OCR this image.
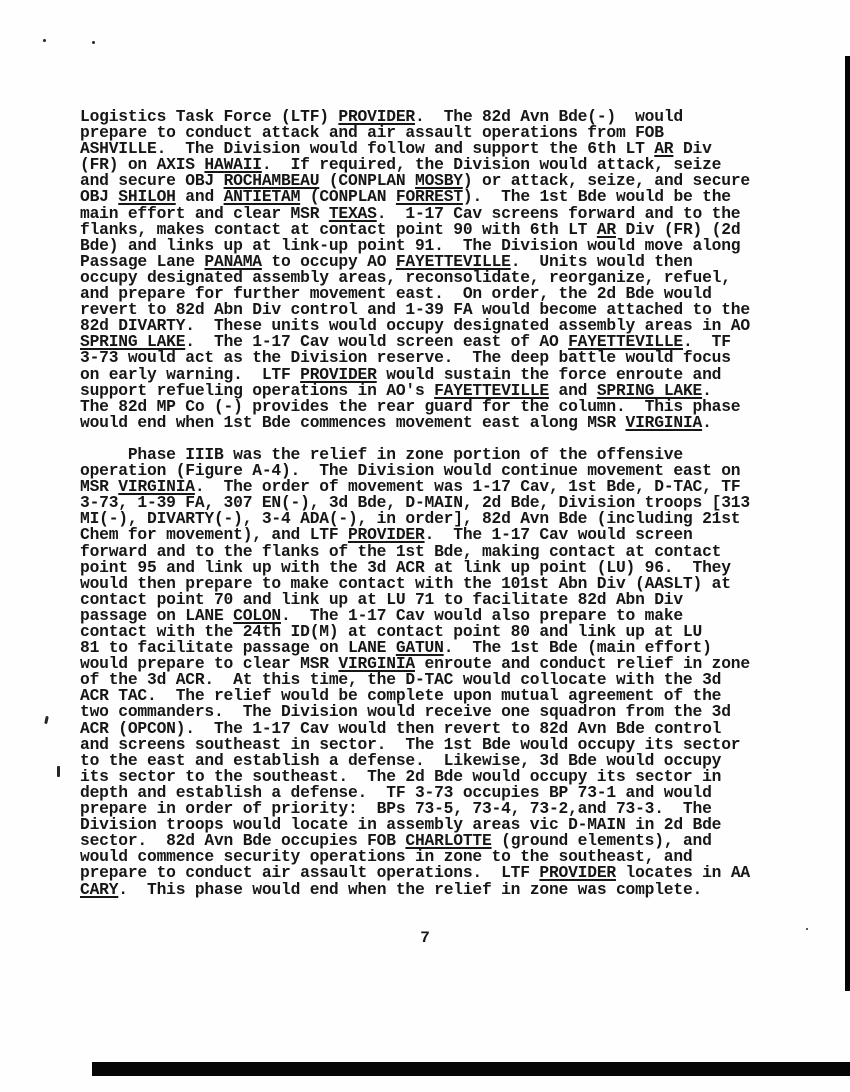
Logistics Task Force (LTF) PROVIDER.  The 82d Avn Bde(-)  would
prepare to conduct attack and air assault operations from FOB
ASHVILLE.  The Division would follow and support the 6th LT AR Div
(FR) on AXIS HAWAII.  If required, the Division would attack, seize
and secure OBJ ROCHAMBEAU (CONPLAN MOSBY) or attack, seize, and secure
OBJ SHILOH and ANTIETAM (CONPLAN FORREST).  The 1st Bde would be the
main effort and clear MSR TEXAS.  1-17 Cav screens forward and to the
flanks, makes contact at contact point 90 with 6th LT AR Div (FR) (2d
Bde) and links up at link-up point 91.  The Division would move along
Passage Lane PANAMA to occupy AO FAYETTEVILLE.  Units would then
occupy designated assembly areas, reconsolidate, reorganize, refuel,
and prepare for further movement east.  On order, the 2d Bde would
revert to 82d Abn Div control and 1-39 FA would become attached to the
82d DIVARTY.  These units would occupy designated assembly areas in AO
SPRING LAKE.  The 1-17 Cav would screen east of AO FAYETTEVILLE.  TF
3-73 would act as the Division reserve.  The deep battle would focus
on early warning.  LTF PROVIDER would sustain the force enroute and
support refueling operations in AO's FAYETTEVILLE and SPRING LAKE.
The 82d MP Co (-) provides the rear guard for the column.  This phase
would end when 1st Bde commences movement east along MSR VIRGINIA.

Phase IIIB was the relief in zone portion of the offensive
operation (Figure A-4).  The Division would continue movement east on
MSR VIRGINIA.  The order of movement was 1-17 Cav, 1st Bde, D-TAC, TF
3-73, 1-39 FA, 307 EN(-), 3d Bde, D-MAIN, 2d Bde, Division troops [313
MI(-), DIVARTY(-), 3-4 ADA(-), in order], 82d Avn Bde (including 21st
Chem for movement), and LTF PROVIDER.  The 1-17 Cav would screen
forward and to the flanks of the 1st Bde, making contact at contact
point 95 and link up with the 3d ACR at link up point (LU) 96.  They
would then prepare to make contact with the 101st Abn Div (AASLT) at
contact point 70 and link up at LU 71 to facilitate 82d Abn Div
passage on LANE COLON.  The 1-17 Cav would also prepare to make
contact with the 24th ID(M) at contact point 80 and link up at LU
81 to facilitate passage on LANE GATUN.  The 1st Bde (main effort)
would prepare to clear MSR VIRGINIA enroute and conduct relief in zone
of the 3d ACR.  At this time, the D-TAC would collocate with the 3d
ACR TAC.  The relief would be complete upon mutual agreement of the
two commanders.  The Division would receive one squadron from the 3d
ACR (OPCON).  The 1-17 Cav would then revert to 82d Avn Bde control
and screens southeast in sector.  The 1st Bde would occupy its sector
to the east and establish a defense.  Likewise, 3d Bde would occupy
its sector to the southeast.  The 2d Bde would occupy its sector in
depth and establish a defense.  TF 3-73 occupies BP 73-1 and would
prepare in order of priority:  BPs 73-5, 73-4, 73-2,and 73-3.  The
Division troops would locate in assembly areas vic D-MAIN in 2d Bde
sector.  82d Avn Bde occupies FOB CHARLOTTE (ground elements), and
would commence security operations in zone to the southeast, and
prepare to conduct air assault operations.  LTF PROVIDER locates in AA
CARY.  This phase would end when the relief in zone was complete.
7
